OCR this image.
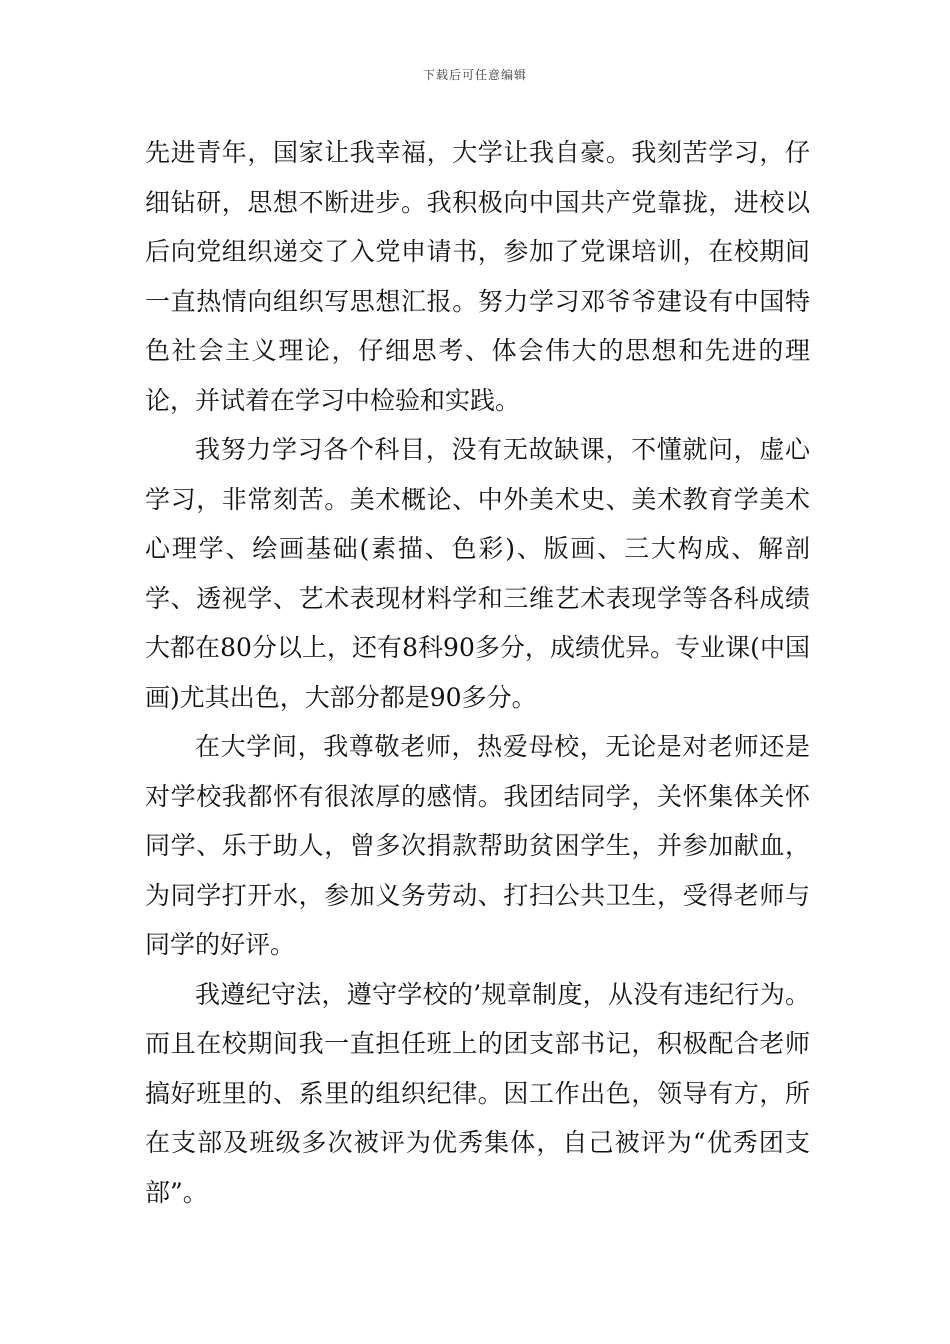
下载后可任意编辑

先进青年，国家让我幸福，大学让我自豪。我刻苦学习，仔细钻研，思想不断进步。我积极向中国共产党靠拢，进校以后向党组织递交了入党申请书，参加了党课培训，在校期间一直热情向组织写思想汇报。努力学习邓爷爷建设有中国特色社会主义理论，仔细思考、体会伟大的思想和先进的理论，并试着在学习中检验和实践。

我努力学习各个科目，没有无故缺课，不懂就问，虚心学习，非常刻苦。美术概论、中外美术史、美术教育学美术心理学、绘画基础(素描、色彩)、版画、三大构成、解剖学、透视学、艺术表现材料学和三维艺术表现学等各科成绩大都在80分以上，还有8科90多分，成绩优异。专业课(中国画)尤其出色，大部分都是90多分。

在大学间，我尊敬老师，热爱母校，无论是对老师还是对学校我都怀有很浓厚的感情。我团结同学，关怀集体关怀同学、乐于助人，曾多次捐款帮助贫困学生，并参加献血，为同学打开水，参加义务劳动、打扫公共卫生，受得老师与同学的好评。

我遵纪守法，遵守学校的’规章制度，从没有违纪行为。而且在校期间我一直担任班上的团支部书记，积极配合老师搞好班里的、系里的组织纪律。因工作出色，领导有方，所在支部及班级多次被评为优秀集体，自己被评为“优秀团支部”。
